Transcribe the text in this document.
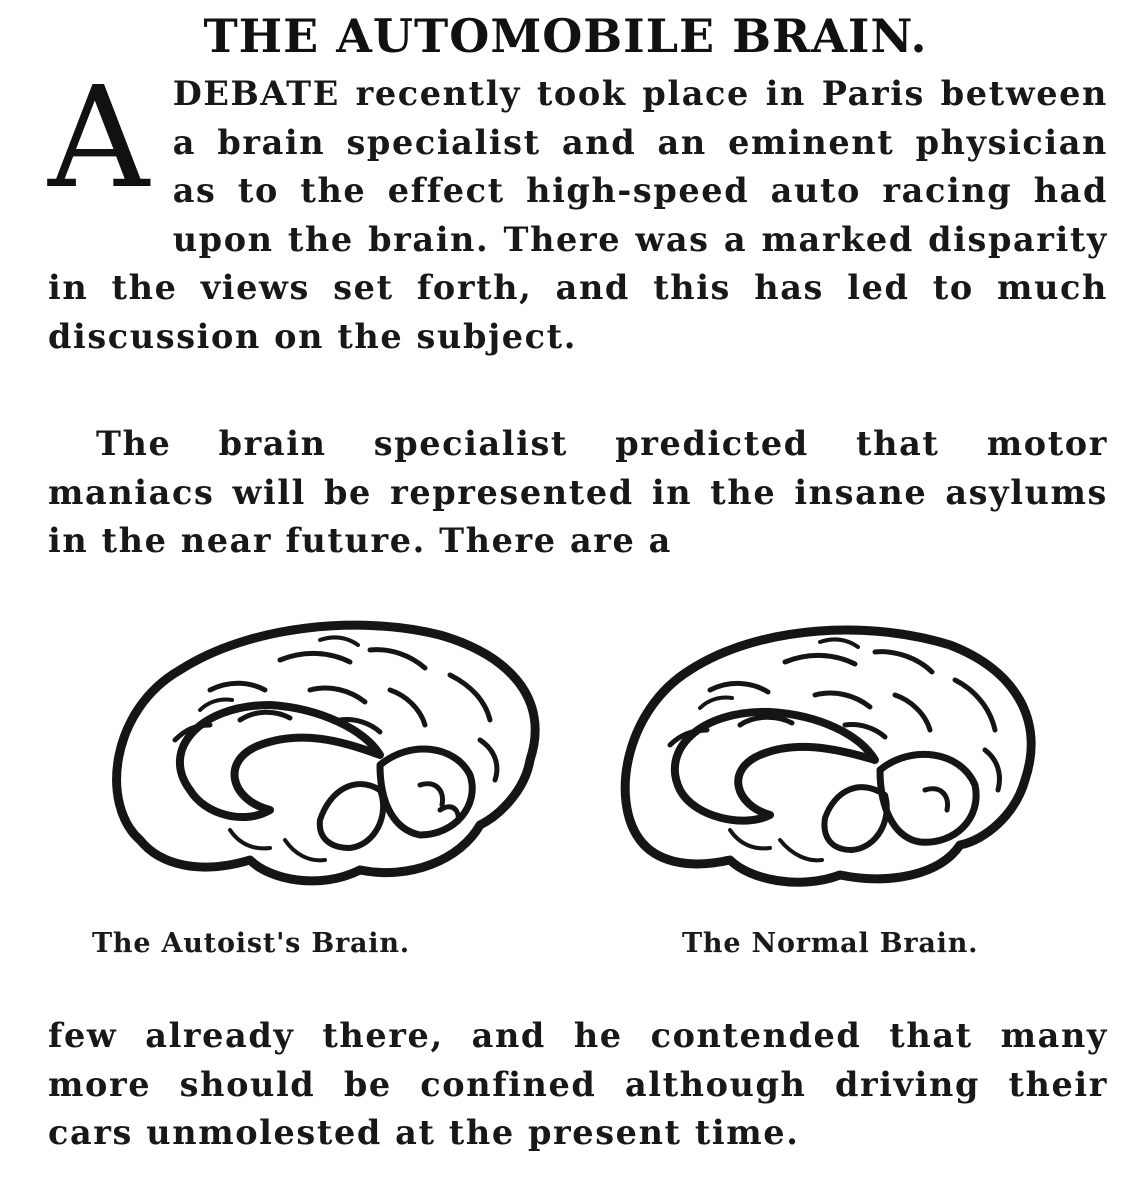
THE AUTOMOBILE BRAIN.
A DEBATE recently took place in Paris between a brain specialist and an eminent physician as to the effect high-speed auto racing had upon the brain. There was a marked disparity in the views set forth, and this has led to much discussion on the subject.
The brain specialist predicted that motor maniacs will be represented in the insane asylums in the near future. There are a
The Autoist's Brain.	The Normal Brain.
few already there, and he contended that many more should be confined although driving their cars unmolested at the present time.
